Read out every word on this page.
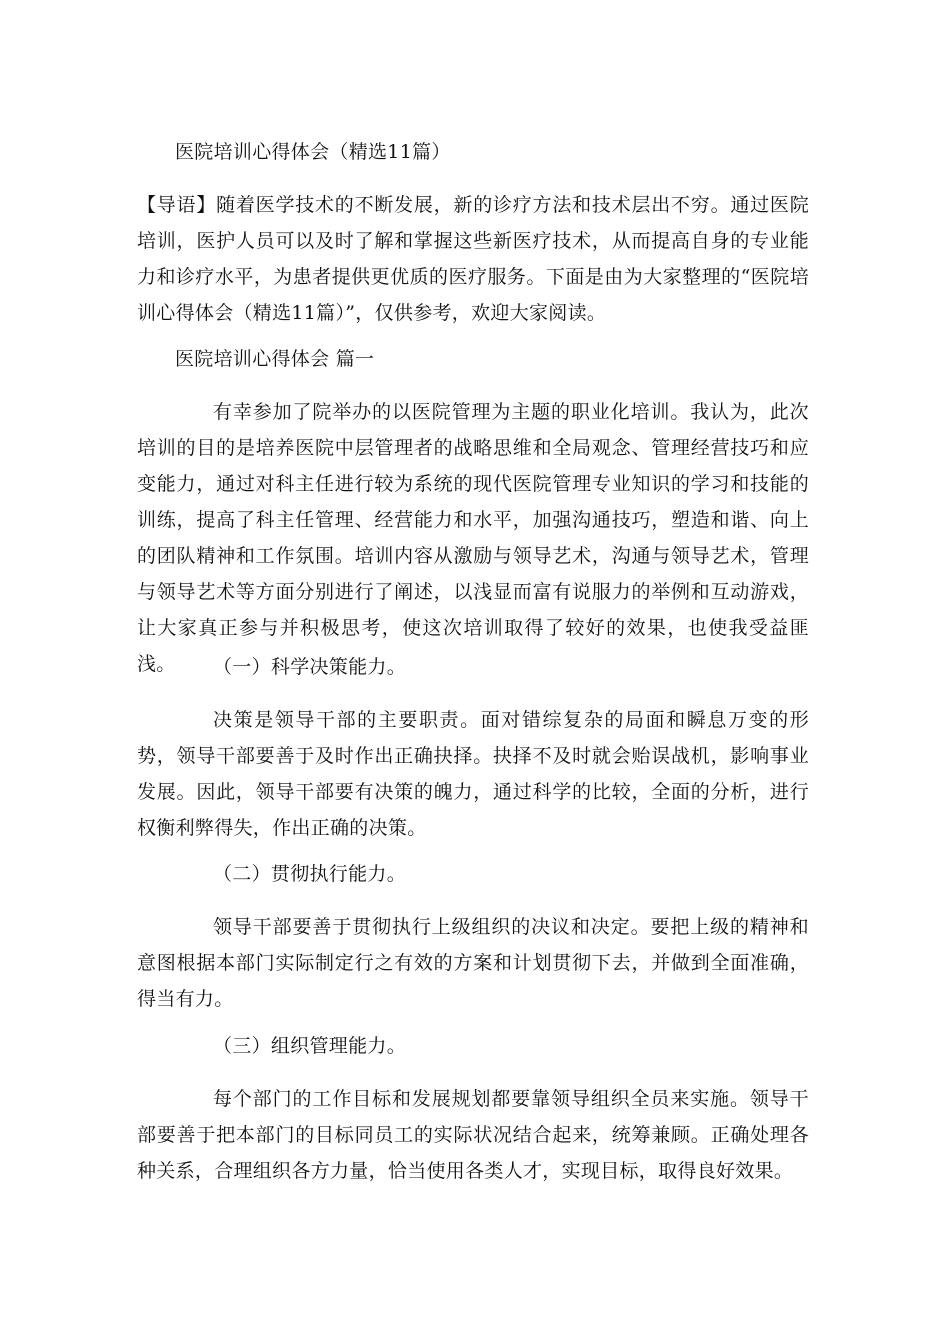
医院培训心得体会（精选11篇）

【导语】随着医学技术的不断发展，新的诊疗方法和技术层出不穷。通过医院培训，医护人员可以及时了解和掌握这些新医疗技术，从而提高自身的专业能力和诊疗水平，为患者提供更优质的医疗服务。下面是由为大家整理的“医院培训心得体会（精选11篇）”，仅供参考，欢迎大家阅读。

医院培训心得体会 篇一

有幸参加了院举办的以医院管理为主题的职业化培训。我认为，此次培训的目的是培养医院中层管理者的战略思维和全局观念、管理经营技巧和应变能力，通过对科主任进行较为系统的现代医院管理专业知识的学习和技能的训练，提高了科主任管理、经营能力和水平，加强沟通技巧，塑造和谐、向上的团队精神和工作氛围。培训内容从激励与领导艺术，沟通与领导艺术，管理与领导艺术等方面分别进行了阐述，以浅显而富有说服力的举例和互动游戏，让大家真正参与并积极思考，使这次培训取得了较好的效果，也使我受益匪浅。	（一）科学决策能力。

决策是领导干部的主要职责。面对错综复杂的局面和瞬息万变的形势，领导干部要善于及时作出正确抉择。抉择不及时就会贻误战机，影响事业发展。因此，领导干部要有决策的魄力，通过科学的比较，全面的分析，进行权衡利弊得失，作出正确的决策。

（二）贯彻执行能力。

领导干部要善于贯彻执行上级组织的决议和决定。要把上级的精神和意图根据本部门实际制定行之有效的方案和计划贯彻下去，并做到全面准确，得当有力。

（三）组织管理能力。

每个部门的工作目标和发展规划都要靠领导组织全员来实施。领导干部要善于把本部门的目标同员工的实际状况结合起来，统筹兼顾。正确处理各种关系，合理组织各方力量，恰当使用各类人才，实现目标，取得良好效果。
